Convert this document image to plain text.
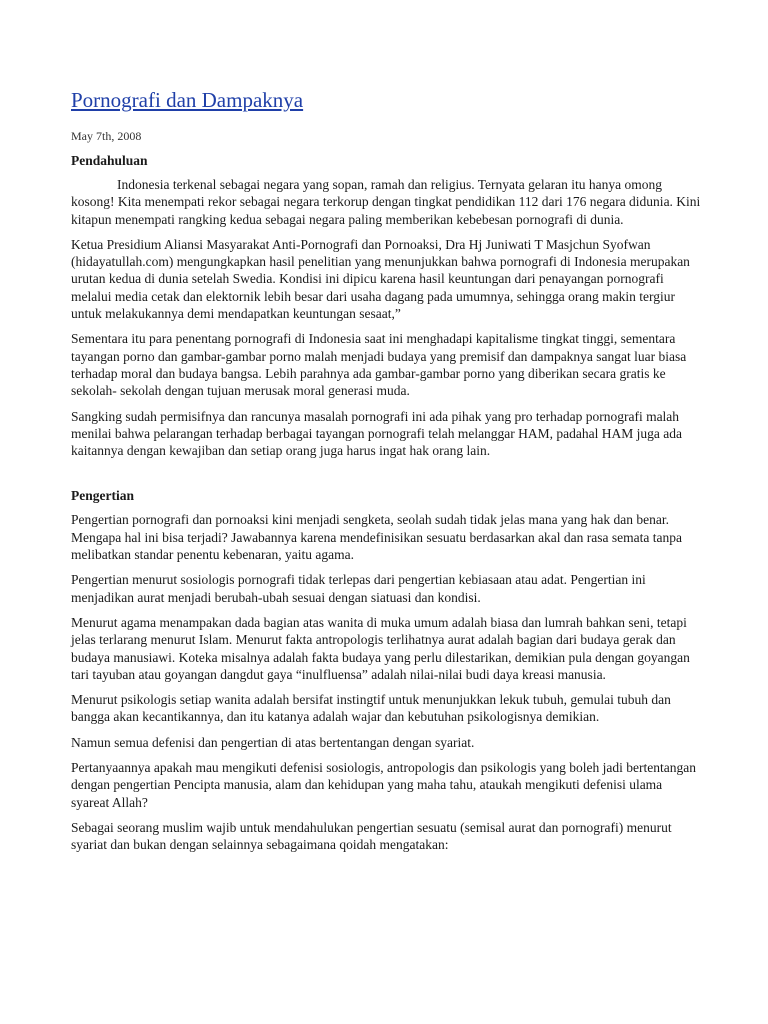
Pornografi dan Dampaknya
May 7th, 2008
Pendahuluan

Indonesia terkenal sebagai negara yang sopan, ramah dan religius. Ternyata gelaran itu hanya omong kosong! Kita menempati rekor sebagai negara terkorup dengan tingkat pendidikan 112 dari 176 negara didunia. Kini kitapun menempati rangking kedua sebagai negara paling memberikan kebebesan pornografi di dunia.

Ketua Presidium Aliansi Masyarakat Anti-Pornografi dan Pornoaksi, Dra Hj Juniwati T Masjchun Syofwan (hidayatullah.com) mengungkapkan hasil penelitian yang menunjukkan bahwa pornografi di Indonesia merupakan urutan kedua di dunia setelah Swedia. Kondisi ini dipicu karena hasil keuntungan dari penayangan pornografi melalui media cetak dan elektornik lebih besar dari usaha dagang pada umumnya, sehingga orang makin tergiur untuk melakukannya demi mendapatkan keuntungan sesaat,”

Sementara itu para penentang pornografi di Indonesia saat ini menghadapi kapitalisme tingkat tinggi, sementara tayangan porno dan gambar-gambar porno malah menjadi budaya yang premisif dan dampaknya sangat luar biasa terhadap moral dan budaya bangsa. Lebih parahnya ada gambar-gambar porno yang diberikan secara gratis ke sekolah- sekolah dengan tujuan merusak moral generasi muda.

Sangking sudah permisifnya dan rancunya masalah pornografi ini ada pihak yang pro terhadap pornografi malah menilai bahwa pelarangan terhadap berbagai tayangan pornografi telah melanggar HAM, padahal HAM juga ada kaitannya dengan kewajiban dan setiap orang juga harus ingat hak orang lain.

Pengertian

Pengertian pornografi dan pornoaksi kini menjadi sengketa, seolah sudah tidak jelas mana yang hak dan benar. Mengapa hal ini bisa terjadi? Jawabannya karena mendefinisikan sesuatu berdasarkan akal dan rasa semata tanpa melibatkan standar penentu kebenaran, yaitu agama.

Pengertian menurut sosiologis pornografi tidak terlepas dari pengertian kebiasaan atau adat. Pengertian ini menjadikan aurat menjadi berubah-ubah sesuai dengan siatuasi dan kondisi.

Menurut agama menampakan dada bagian atas wanita di muka umum adalah biasa dan lumrah bahkan seni, tetapi jelas terlarang menurut Islam. Menurut fakta antropologis terlihatnya aurat adalah bagian dari budaya gerak dan budaya manusiawi. Koteka misalnya adalah fakta budaya yang perlu dilestarikan, demikian pula dengan goyangan tari tayuban atau goyangan dangdut gaya “inulfluensa” adalah nilai-nilai budi daya kreasi manusia.

Menurut psikologis setiap wanita adalah bersifat instingtif untuk menunjukkan lekuk tubuh, gemulai tubuh dan bangga akan kecantikannya, dan itu katanya adalah wajar dan kebutuhan psikologisnya demikian.

Namun semua defenisi dan pengertian di atas bertentangan dengan syariat.

Pertanyaannya apakah mau mengikuti defenisi sosiologis, antropologis dan psikologis yang boleh jadi bertentangan dengan pengertian Pencipta manusia, alam dan kehidupan yang maha tahu, ataukah mengikuti defenisi ulama syareat Allah?

Sebagai seorang muslim wajib untuk mendahulukan pengertian sesuatu (semisal aurat dan pornografi) menurut syariat dan bukan dengan selainnya sebagaimana qoidah mengatakan:
